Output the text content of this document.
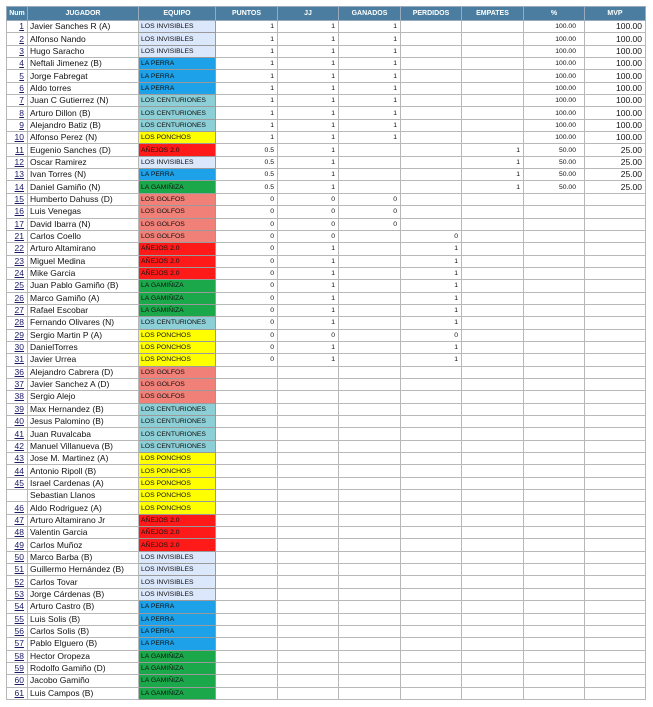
Num	JUGADOR	EQUIPO	PUNTOS	JJ	GANADOS	PERDIDOS	EMPATES	%	MVP
1	Javier Sanches R (A)	LOS INVISIBLES	1	1	1			100.00	100.00
2	Alfonso Nando	LOS INVISIBLES	1	1	1			100.00	100.00
3	Hugo Saracho	LOS INVISIBLES	1	1	1			100.00	100.00
4	Neftali Jimenez (B)	LA PERRA	1	1	1			100.00	100.00
5	Jorge Fabregat	LA PERRA	1	1	1			100.00	100.00
6	Aldo torres	LA PERRA	1	1	1			100.00	100.00
7	Juan C Gutierrez (N)	LOS CENTURIONES	1	1	1			100.00	100.00
8	Arturo Dillon (B)	LOS CENTURIONES	1	1	1			100.00	100.00
9	Alejandro Batiz (B)	LOS CENTURIONES	1	1	1			100.00	100.00
10	Alfonso Perez (N)	LOS PONCHOS	1	1	1			100.00	100.00
11	Eugenio Sanches (D)	AÑEJOS 2.0	0.5	1			1	50.00	25.00
12	Oscar Ramirez	LOS INVISIBLES	0.5	1			1	50.00	25.00
13	Ivan Torres (N)	LA PERRA	0.5	1			1	50.00	25.00
14	Daniel Gamiño (N)	LA GAMIÑIZA	0.5	1			1	50.00	25.00
15	Humberto Dahuss (D)	LOS GOLFOS	0	0	0				
16	Luis Venegas	LOS GOLFOS	0	0	0				
17	David Ibarra (N)	LOS GOLFOS	0	0	0				
21	Carlos Coello	LOS GOLFOS	0	0		0			
22	Arturo Altamirano	AÑEJOS 2.0	0	1		1			
23	Miguel Medina	AÑEJOS 2.0	0	1		1			
24	Mike Garcia	AÑEJOS 2.0	0	1		1			
25	Juan Pablo Gamiño (B)	LA GAMIÑIZA	0	1		1			
26	Marco Gamiño (A)	LA GAMIÑIZA	0	1		1			
27	Rafael Escobar	LA GAMIÑIZA	0	1		1			
28	Fernando Olivares (N)	LOS CENTURIONES	0	1		1			
29	Sergio Martin P (A)	LOS PONCHOS	0	0		0			
30	DanielTorres	LOS PONCHOS	0	1		1			
31	Javier Urrea	LOS PONCHOS	0	1		1			
36	Alejandro Cabrera (D)	LOS GOLFOS							
37	Javier Sanchez A (D)	LOS GOLFOS							
38	Sergio Alejo	LOS GOLFOS							
39	Max Hernandez (B)	LOS CENTURIONES							
40	Jesus Palomino (B)	LOS CENTURIONES							
41	Juan Ruvalcaba	LOS CENTURIONES							
42	Manuel Villanueva (B)	LOS CENTURIONES							
43	Jose M. Martinez (A)	LOS PONCHOS							
44	Antonio Ripoll (B)	LOS PONCHOS							
45	Israel Cardenas (A)	LOS PONCHOS							
	Sebastian Llanos	LOS PONCHOS							
46	Aldo Rodriguez (A)	LOS PONCHOS							
47	Arturo Altamirano Jr	AÑEJOS 2.0							
48	Valentin Garcia	AÑEJOS 2.0							
49	Carlos Muñoz	AÑEJOS 2.0							
50	Marco Barba (B)	LOS INVISIBLES							
51	Guillermo Hernández (B)	LOS INVISIBLES							
52	Carlos Tovar	LOS INVISIBLES							
53	Jorge Cárdenas (B)	LOS INVISIBLES							
54	Arturo Castro (B)	LA PERRA							
55	Luis Solis (B)	LA PERRA							
56	Carlos Solis (B)	LA PERRA							
57	Pablo Elguero (B)	LA PERRA							
58	Hector Oropeza	LA GAMIÑIZA							
59	Rodolfo Gamiño (D)	LA GAMIÑIZA							
60	Jacobo Gamiño	LA GAMIÑIZA							
61	Luis Campos (B)	LA GAMIÑIZA							
